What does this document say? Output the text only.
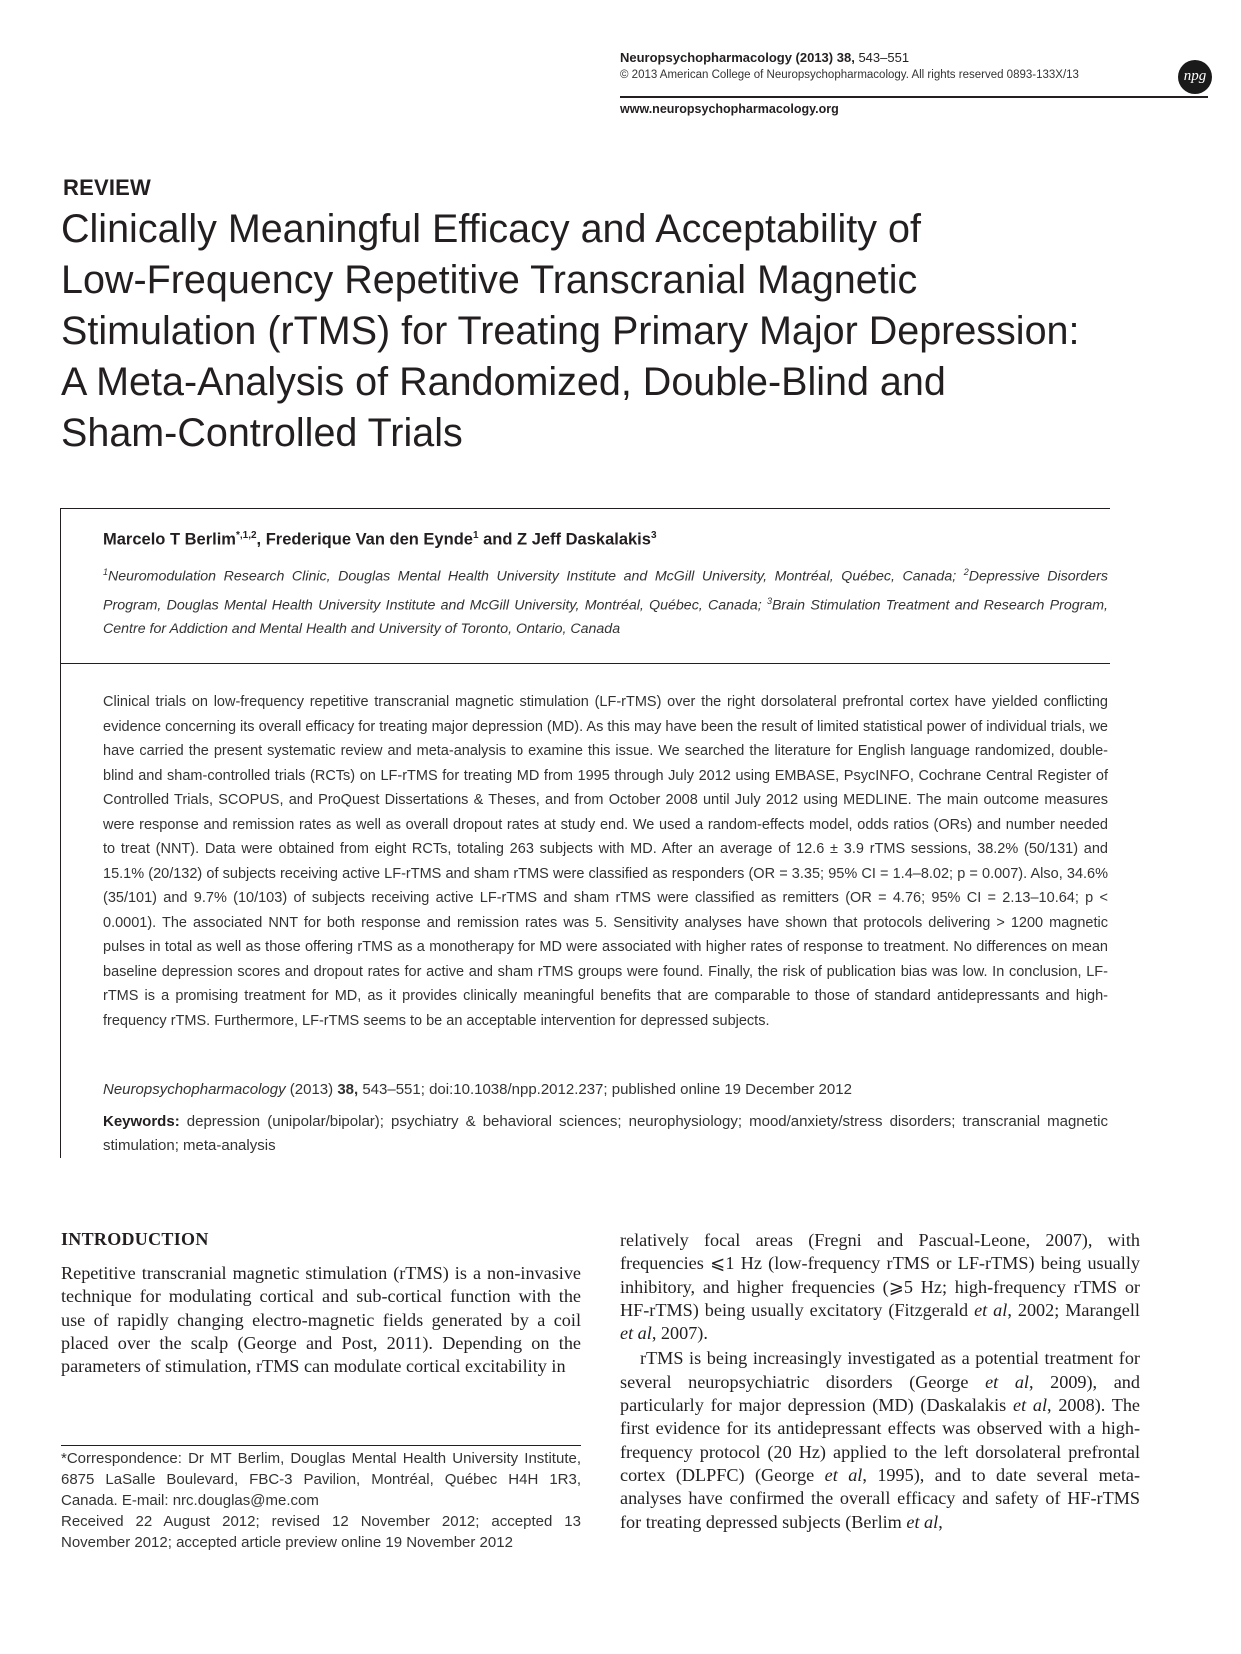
Neuropsychopharmacology (2013) 38, 543–551
© 2013 American College of Neuropsychopharmacology. All rights reserved 0893-133X/13
www.neuropsychopharmacology.org
npg
REVIEW
Clinically Meaningful Efficacy and Acceptability of
Low-Frequency Repetitive Transcranial Magnetic
Stimulation (rTMS) for Treating Primary Major Depression:
A Meta-Analysis of Randomized, Double-Blind and
Sham-Controlled Trials
Marcelo T Berlim$^{*,1,2}$, Frederique Van den Eynde$^1$ and Z Jeff Daskalakis$^3$
$^1$Neuromodulation Research Clinic, Douglas Mental Health University Institute and McGill University, Montréal, Québec, Canada; $^2$Depressive Disorders Program, Douglas Mental Health University Institute and McGill University, Montréal, Québec, Canada; $^3$Brain Stimulation Treatment and Research Program, Centre for Addiction and Mental Health and University of Toronto, Ontario, Canada

Clinical trials on low-frequency repetitive transcranial magnetic stimulation (LF-rTMS) over the right dorsolateral prefrontal cortex have yielded conflicting evidence concerning its overall efficacy for treating major depression (MD). As this may have been the result of limited statistical power of individual trials, we have carried the present systematic review and meta-analysis to examine this issue. We searched the literature for English language randomized, double-blind and sham-controlled trials (RCTs) on LF-rTMS for treating MD from 1995 through July 2012 using EMBASE, PsycINFO, Cochrane Central Register of Controlled Trials, SCOPUS, and ProQuest Dissertations & Theses, and from October 2008 until July 2012 using MEDLINE. The main outcome measures were response and remission rates as well as overall dropout rates at study end. We used a random-effects model, odds ratios (ORs) and number needed to treat (NNT). Data were obtained from eight RCTs, totaling 263 subjects with MD. After an average of 12.6 ± 3.9 rTMS sessions, 38.2% (50/131) and 15.1% (20/132) of subjects receiving active LF-rTMS and sham rTMS were classified as responders (OR = 3.35; 95% CI = 1.4–8.02; p = 0.007). Also, 34.6% (35/101) and 9.7% (10/103) of subjects receiving active LF-rTMS and sham rTMS were classified as remitters (OR = 4.76; 95% CI = 2.13–10.64; p < 0.0001). The associated NNT for both response and remission rates was 5. Sensitivity analyses have shown that protocols delivering > 1200 magnetic pulses in total as well as those offering rTMS as a monotherapy for MD were associated with higher rates of response to treatment. No differences on mean baseline depression scores and dropout rates for active and sham rTMS groups were found. Finally, the risk of publication bias was low. In conclusion, LF-rTMS is a promising treatment for MD, as it provides clinically meaningful benefits that are comparable to those of standard antidepressants and high-frequency rTMS. Furthermore, LF-rTMS seems to be an acceptable intervention for depressed subjects.

Neuropsychopharmacology (2013) 38, 543–551; doi:10.1038/npp.2012.237; published online 19 December 2012
Keywords: depression (unipolar/bipolar); psychiatry & behavioral sciences; neurophysiology; mood/anxiety/stress disorders; transcranial magnetic stimulation; meta-analysis
INTRODUCTION

Repetitive transcranial magnetic stimulation (rTMS) is a non-invasive technique for modulating cortical and sub-cortical function with the use of rapidly changing electro-magnetic fields generated by a coil placed over the scalp (George and Post, 2011). Depending on the parameters of stimulation, rTMS can modulate cortical excitability in

*Correspondence: Dr MT Berlim, Douglas Mental Health University Institute, 6875 LaSalle Boulevard, FBC-3 Pavilion, Montréal, Québec H4H 1R3, Canada. E-mail: nrc.douglas@me.com
Received 22 August 2012; revised 12 November 2012; accepted 13 November 2012; accepted article preview online 19 November 2012

relatively focal areas (Fregni and Pascual-Leone, 2007), with frequencies ⩽1 Hz (low-frequency rTMS or LF-rTMS) being usually inhibitory, and higher frequencies (⩾5 Hz; high-frequency rTMS or HF-rTMS) being usually excitatory (Fitzgerald et al, 2002; Marangell et al, 2007).

rTMS is being increasingly investigated as a potential treatment for several neuropsychiatric disorders (George et al, 2009), and particularly for major depression (MD) (Daskalakis et al, 2008). The first evidence for its antidepressant effects was observed with a high-frequency protocol (20 Hz) applied to the left dorsolateral prefrontal cortex (DLPFC) (George et al, 1995), and to date several meta-analyses have confirmed the overall efficacy and safety of HF-rTMS for treating depressed subjects (Berlim et al,
